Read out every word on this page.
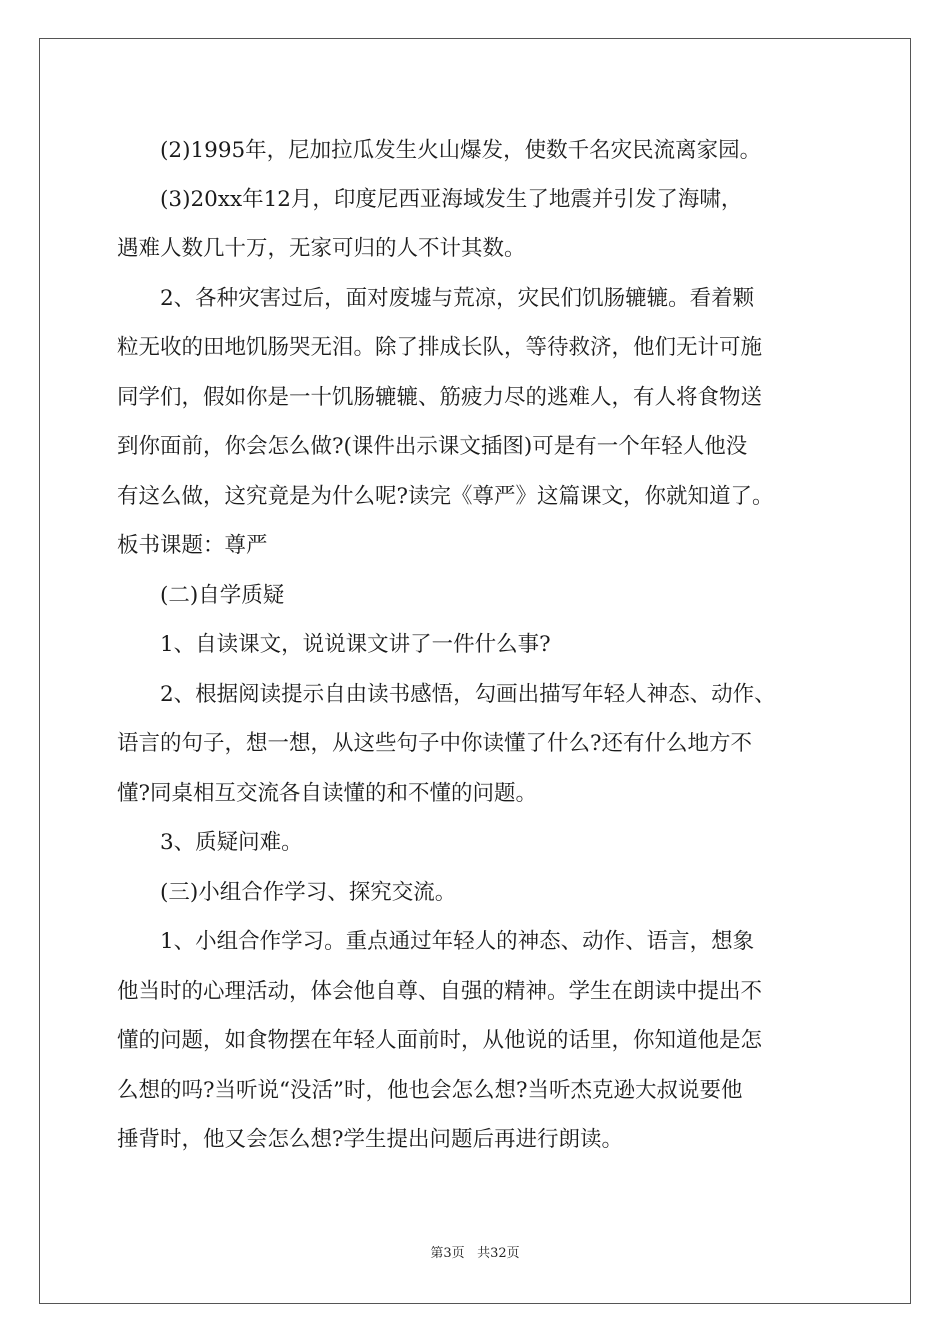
　　(2)1995年，尼加拉瓜发生火山爆发，使数千名灾民流离家园。
　　(3)20xx年12月，印度尼西亚海域发生了地震并引发了海啸，
遇难人数几十万，无家可归的人不计其数。
　　2、各种灾害过后，面对废墟与荒凉，灾民们饥肠辘辘。看着颗
粒无收的田地饥肠哭无泪。除了排成长队，等待救济，他们无计可施
同学们，假如你是一十饥肠辘辘、筋疲力尽的逃难人，有人将食物送
到你面前，你会怎么做?(课件出示课文插图)可是有一个年轻人他没
有这么做，这究竟是为什么呢?读完《尊严》这篇课文，你就知道了。
板书课题：尊严
　　(二)自学质疑
　　1、自读课文，说说课文讲了一件什么事?
　　2、根据阅读提示自由读书感悟，勾画出描写年轻人神态、动作、
语言的句子，想一想，从这些句子中你读懂了什么?还有什么地方不
懂?同桌相互交流各自读懂的和不懂的问题。
　　3、质疑问难。
　　(三)小组合作学习、探究交流。
　　1、小组合作学习。重点通过年轻人的神态、动作、语言，想象
他当时的心理活动，体会他自尊、自强的精神。学生在朗读中提出不
懂的问题，如食物摆在年轻人面前时，从他说的话里，你知道他是怎
么想的吗?当听说“没活”时，他也会怎么想?当听杰克逊大叔说要他
捶背时，他又会怎么想?学生提出问题后再进行朗读。
第3页 共32页
